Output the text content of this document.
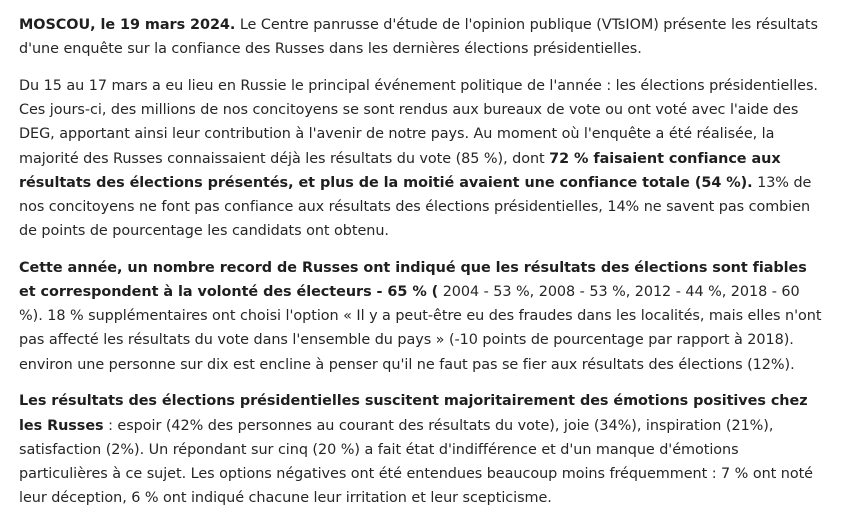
MOSCOU, le 19 mars 2024. Le Centre panrusse d'étude de l'opinion publique (VTsIOM) présente les résultats d'une enquête sur la confiance des Russes dans les dernières élections présidentielles.

Du 15 au 17 mars a eu lieu en Russie le principal événement politique de l'année : les élections présidentielles. Ces jours-ci, des millions de nos concitoyens se sont rendus aux bureaux de vote ou ont voté avec l'aide des DEG, apportant ainsi leur contribution à l'avenir de notre pays. Au moment où l'enquête a été réalisée, la majorité des Russes connaissaient déjà les résultats du vote (85 %), dont 72 % faisaient confiance aux résultats des élections présentés, et plus de la moitié avaient une confiance totale (54 %). 13% de nos concitoyens ne font pas confiance aux résultats des élections présidentielles, 14% ne savent pas combien de points de pourcentage les candidats ont obtenu.

Cette année, un nombre record de Russes ont indiqué que les résultats des élections sont fiables et correspondent à la volonté des électeurs - 65 % ( 2004 - 53 %, 2008 - 53 %, 2012 - 44 %, 2018 - 60 %). 18 % supplémentaires ont choisi l'option « Il y a peut-être eu des fraudes dans les localités, mais elles n'ont pas affecté les résultats du vote dans l'ensemble du pays » (-10 points de pourcentage par rapport à 2018). environ une personne sur dix est encline à penser qu'il ne faut pas se fier aux résultats des élections (12%).

Les résultats des élections présidentielles suscitent majoritairement des émotions positives chez les Russes : espoir (42% des personnes au courant des résultats du vote), joie (34%), inspiration (21%), satisfaction (2%). Un répondant sur cinq (20 %) a fait état d'indifférence et d'un manque d'émotions particulières à ce sujet. Les options négatives ont été entendues beaucoup moins fréquemment : 7 % ont noté leur déception, 6 % ont indiqué chacune leur irritation et leur scepticisme.
